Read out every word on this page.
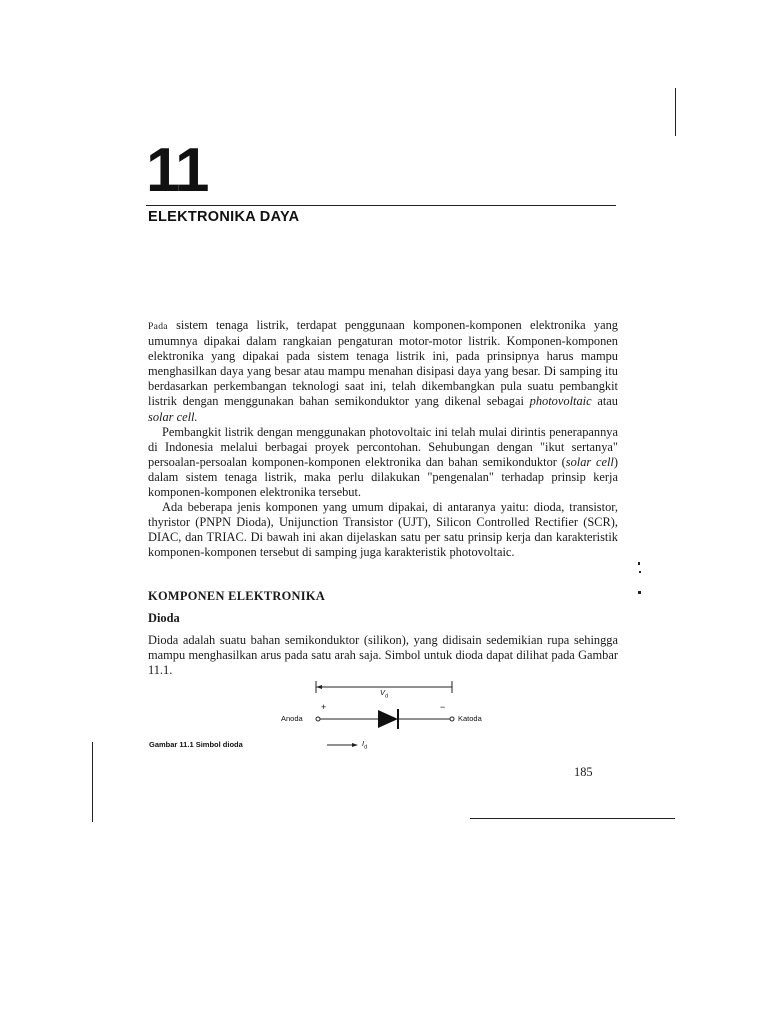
11
ELEKTRONIKA DAYA

Pada sistem tenaga listrik, terdapat penggunaan komponen-komponen elektronika yang umumnya dipakai dalam rangkaian pengaturan motor-motor listrik. Komponen-komponen elektronika yang dipakai pada sistem tenaga listrik ini, pada prinsipnya harus mampu menghasilkan daya yang besar atau mampu menahan disipasi daya yang besar. Di samping itu berdasarkan perkembangan teknologi saat ini, telah dikembangkan pula suatu pembangkit listrik dengan menggunakan bahan semikonduktor yang dikenal sebagai photovoltaic atau solar cell.

Pembangkit listrik dengan menggunakan photovoltaic ini telah mulai dirintis penerapannya di Indonesia melalui berbagai proyek percontohan. Sehubungan dengan "ikut sertanya" persoalan-persoalan komponen-komponen elektronika dan bahan semikonduktor (solar cell) dalam sistem tenaga listrik, maka perlu dilakukan "pengenalan" terhadap prinsip kerja komponen-komponen elektronika tersebut.

Ada beberapa jenis komponen yang umum dipakai, di antaranya yaitu: dioda, transistor, thyristor (PNPN Dioda), Unijunction Transistor (UJT), Silicon Controlled Rectifier (SCR), DIAC, dan TRIAC. Di bawah ini akan dijelaskan satu per satu prinsip kerja dan karakteristik komponen-komponen tersebut di samping juga karakteristik photovoltaic.

KOMPONEN ELEKTRONIKA
Dioda

Dioda adalah suatu bahan semikonduktor (silikon), yang didisain sedemikian rupa sehingga mampu menghasilkan arus pada satu arah saja. Simbol untuk dioda dapat dilihat pada Gambar 11.1.

$V_d$
+	−
Anoda	Katoda
$I_d$
Gambar 11.1 Simbol dioda
185
